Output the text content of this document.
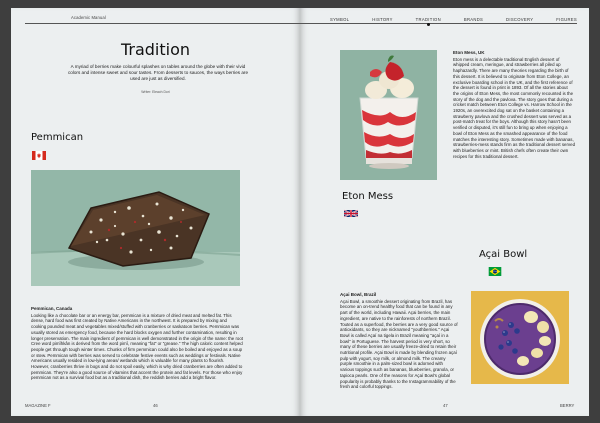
Academic Manual
Tradition
A myriad of berries make colourful splashes on tables around the globe with their vivid colors and intense sweet and sour tastes. From desserts to sauces, the ways berries are used are just as diversified.
Writer: Eleach Dori
Pemmican
Pemmican, Canada
Looking like a chocolate bar or an energy bar, pemmican is a mixture of dried meat and melted fat. This dense, hard food was first created by Native Americans in the northwest. It is prepared by mixing and cooking pounded meat and vegetables mixed/stuffed with cranberries or saskatoon berries. Pemmican was usually stored as emergency food, because the hard blocks oxygen and further contamination, resulting in longer preservation. The main ingredient of pemmican is well demonstrated in the origin of the name: the root Cree word pimîhkân is derived from the word pimî, meaning "fat" or "grease." The high caloric content helped people get through tough winter times. Chunks of firm pemmican could also be boiled and enjoyed as a soup or stew. Pemmican with berries was served to celebrate festive events such as weddings or festivals. Native Americans usually resided in low-lying areas/ wetlands which is valuable for many plants to flourish. However, cranberries thrive in bogs and do not spoil easily, which is why dried cranberries are often added to pemmican. They're also a good source of vitamins that accent the protein and fat levels. For those who enjoy pemmican not as a survival food but as a traditional dish, the reddish berries add a bright flavor.
MAGAZINE F	46
SYMBOL	HISTORY	TRADITION	BRANDS	DISCOVERY	FIGURES
Eton Mess, UK
Eton mess is a delectable traditional English dessert of whipped cream, meringue, and strawberries all piled up haphazardly. There are many theories regarding the birth of this dessert. It is believed to originate from Eton College, an exclusive boarding school in the UK, and the first reference of the dessert is found in print in 1893. Of all the stories about the origins of Eton Mess, the most commonly recounted is the story of the dog and the pavlova. The story goes that during a cricket match between Eton College vs. Harrow School in the 1920s, an overexcited dog sat on the basket containing a strawberry pavlova and the crushed dessert was served as a post-match treat for the boys. Although this story hasn't been verified or disputed, it's still fun to bring up when enjoying a bowl of Eton Mess as the smashed appearance of the food matches the interesting story. Sometimes made with bananas, strawberries-mess stands firm as the traditional dessert served with blueberries or mint. British chefs often create their own recipes for this traditional dessert.
Eton Mess
Açai Bowl
Açai Bowl, Brazil
Açai Bowl, a smoothie dessert originating from Brazil, has become an on-trend healthy food that can be found in any part of the world, including Hawaii. Açai berries, the main ingredient, are native to the rainforests of northern Brazil. Touted as a superfood, the berries are a very good source of antioxidants, so they are nicknamed "youthberries." Açai Bowl is called Açaí na tigela in Brazil meaning "açaí in a bowl" in Portuguese. The harvest period is very short, so many of these berries are usually freeze-dried to retain their nutritional profile. Açai Bowl is made by blending frozen açaí pulp with yogurt, soy milk, or almond milk. The creamy purple smoothie in a palm-sized bowl is adorned with various toppings such as bananas, blueberries, granola, or tapioca pearls. One of the reasons for Açaí Bowl's global popularity is probably thanks to the Instagrammability of the fresh and colorful toppings.
47	BERRY
